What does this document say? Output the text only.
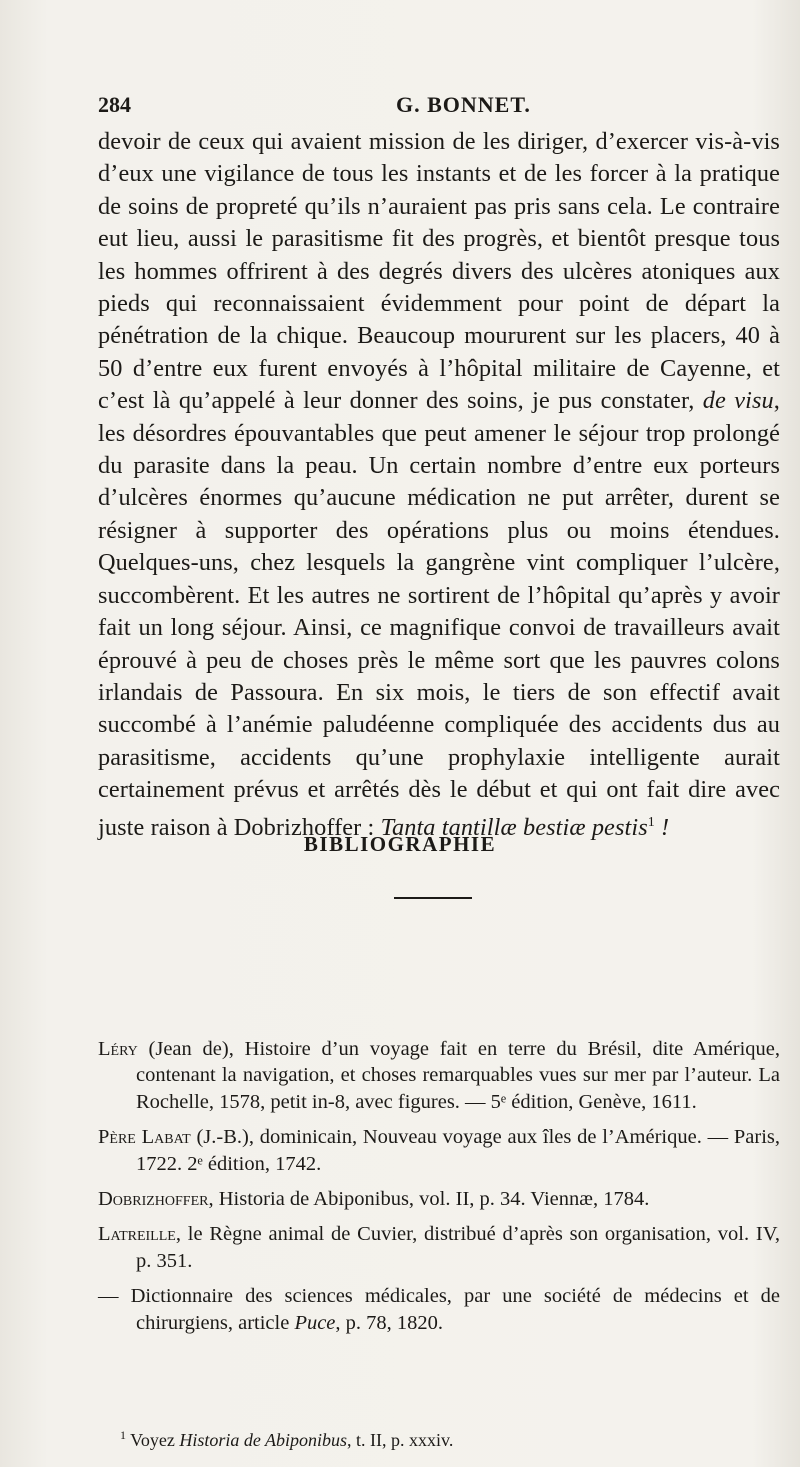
284	G. BONNET.
devoir de ceux qui avaient mission de les diriger, d’exercer vis-à-vis d’eux une vigilance de tous les instants et de les forcer à la pratique de soins de propreté qu’ils n’auraient pas pris sans cela. Le contraire eut lieu, aussi le parasitisme fit des progrès, et bientôt presque tous les hommes offrirent à des degrés divers des ulcères atoniques aux pieds qui reconnaissaient évidemment pour point de départ la pénétration de la chique. Beaucoup moururent sur les placers, 40 à 50 d’entre eux furent envoyés à l’hôpital militaire de Cayenne, et c’est là qu’appelé à leur donner des soins, je pus constater, de visu, les désordres épouvantables que peut amener le séjour trop prolongé du parasite dans la peau. Un certain nombre d’entre eux porteurs d’ulcères énormes qu’aucune médication ne put arrêter, durent se résigner à supporter des opérations plus ou moins étendues. Quelques-uns, chez lesquels la gangrène vint compliquer l’ulcère, succombèrent. Et les autres ne sortirent de l’hôpital qu’après y avoir fait un long séjour. Ainsi, ce magnifique convoi de travailleurs avait éprouvé à peu de choses près le même sort que les pauvres colons irlandais de Passoura. En six mois, le tiers de son effectif avait succombé à l’anémie paludéenne compliquée des accidents dus au parasitisme, accidents qu’une prophylaxie intelligente aurait certainement prévus et arrêtés dès le début et qui ont fait dire avec juste raison à Dobrizhoffer : Tanta tantillæ bestiæ pestis$^1$ !
BIBLIOGRAPHIE
Léry (Jean de), Histoire d’un voyage fait en terre du Brésil, dite Amérique, contenant la navigation, et choses remarquables vues sur mer par l’auteur. La Rochelle, 1578, petit in-8, avec figures. — 5ᵉ édition, Genève, 1611.
Père Labat (J.-B.), dominicain, Nouveau voyage aux îles de l’Amérique. — Paris, 1722. 2ᵉ édition, 1742.
Dobrizhoffer, Historia de Abiponibus, vol. II, p. 34. Viennæ, 1784.
Latreille, le Règne animal de Cuvier, distribué d’après son organisation, vol. IV, p. 351.
— Dictionnaire des sciences médicales, par une société de médecins et de chirurgiens, article Puce, p. 78, 1820.
$^1$ Voyez Historia de Abiponibus, t. II, p. xxxiv.
